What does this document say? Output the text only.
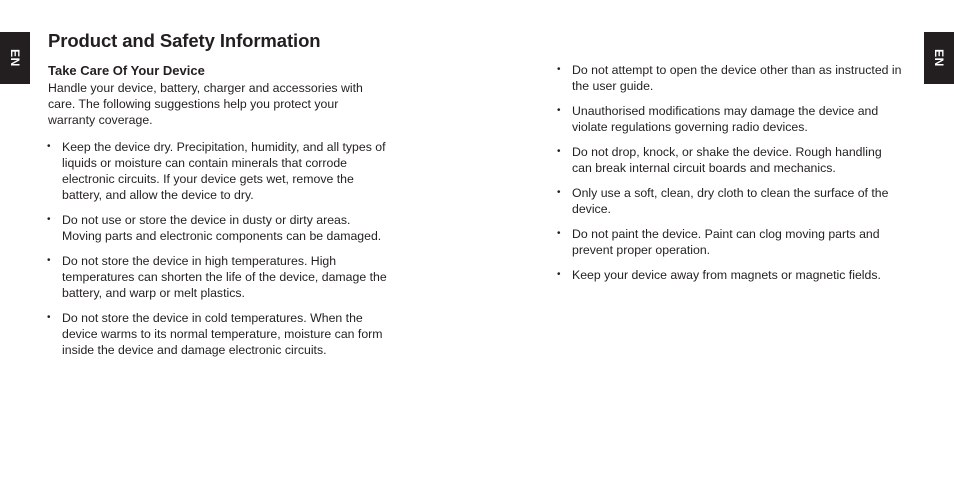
EN	EN
Product and Safety Information
Take Care Of Your Device

Handle your device, battery, charger and accessories with care. The following suggestions help you protect your warranty coverage.

• Keep the device dry. Precipitation, humidity, and all types of liquids or moisture can contain minerals that corrode electronic circuits. If your device gets wet, remove the battery, and allow the device to dry.
• Do not use or store the device in dusty or dirty areas. Moving parts and electronic components can be damaged.
• Do not store the device in high temperatures. High temperatures can shorten the life of the device, damage the battery, and warp or melt plastics.
• Do not store the device in cold temperatures. When the device warms to its normal temperature, moisture can form inside the device and damage electronic circuits.
• Do not attempt to open the device other than as instructed in the user guide.
• Unauthorised modifications may damage the device and violate regulations governing radio devices.
• Do not drop, knock, or shake the device. Rough handling can break internal circuit boards and mechanics.
• Only use a soft, clean, dry cloth to clean the surface of the device.
• Do not paint the device. Paint can clog moving parts and prevent proper operation.
• Keep your device away from magnets or magnetic fields.
